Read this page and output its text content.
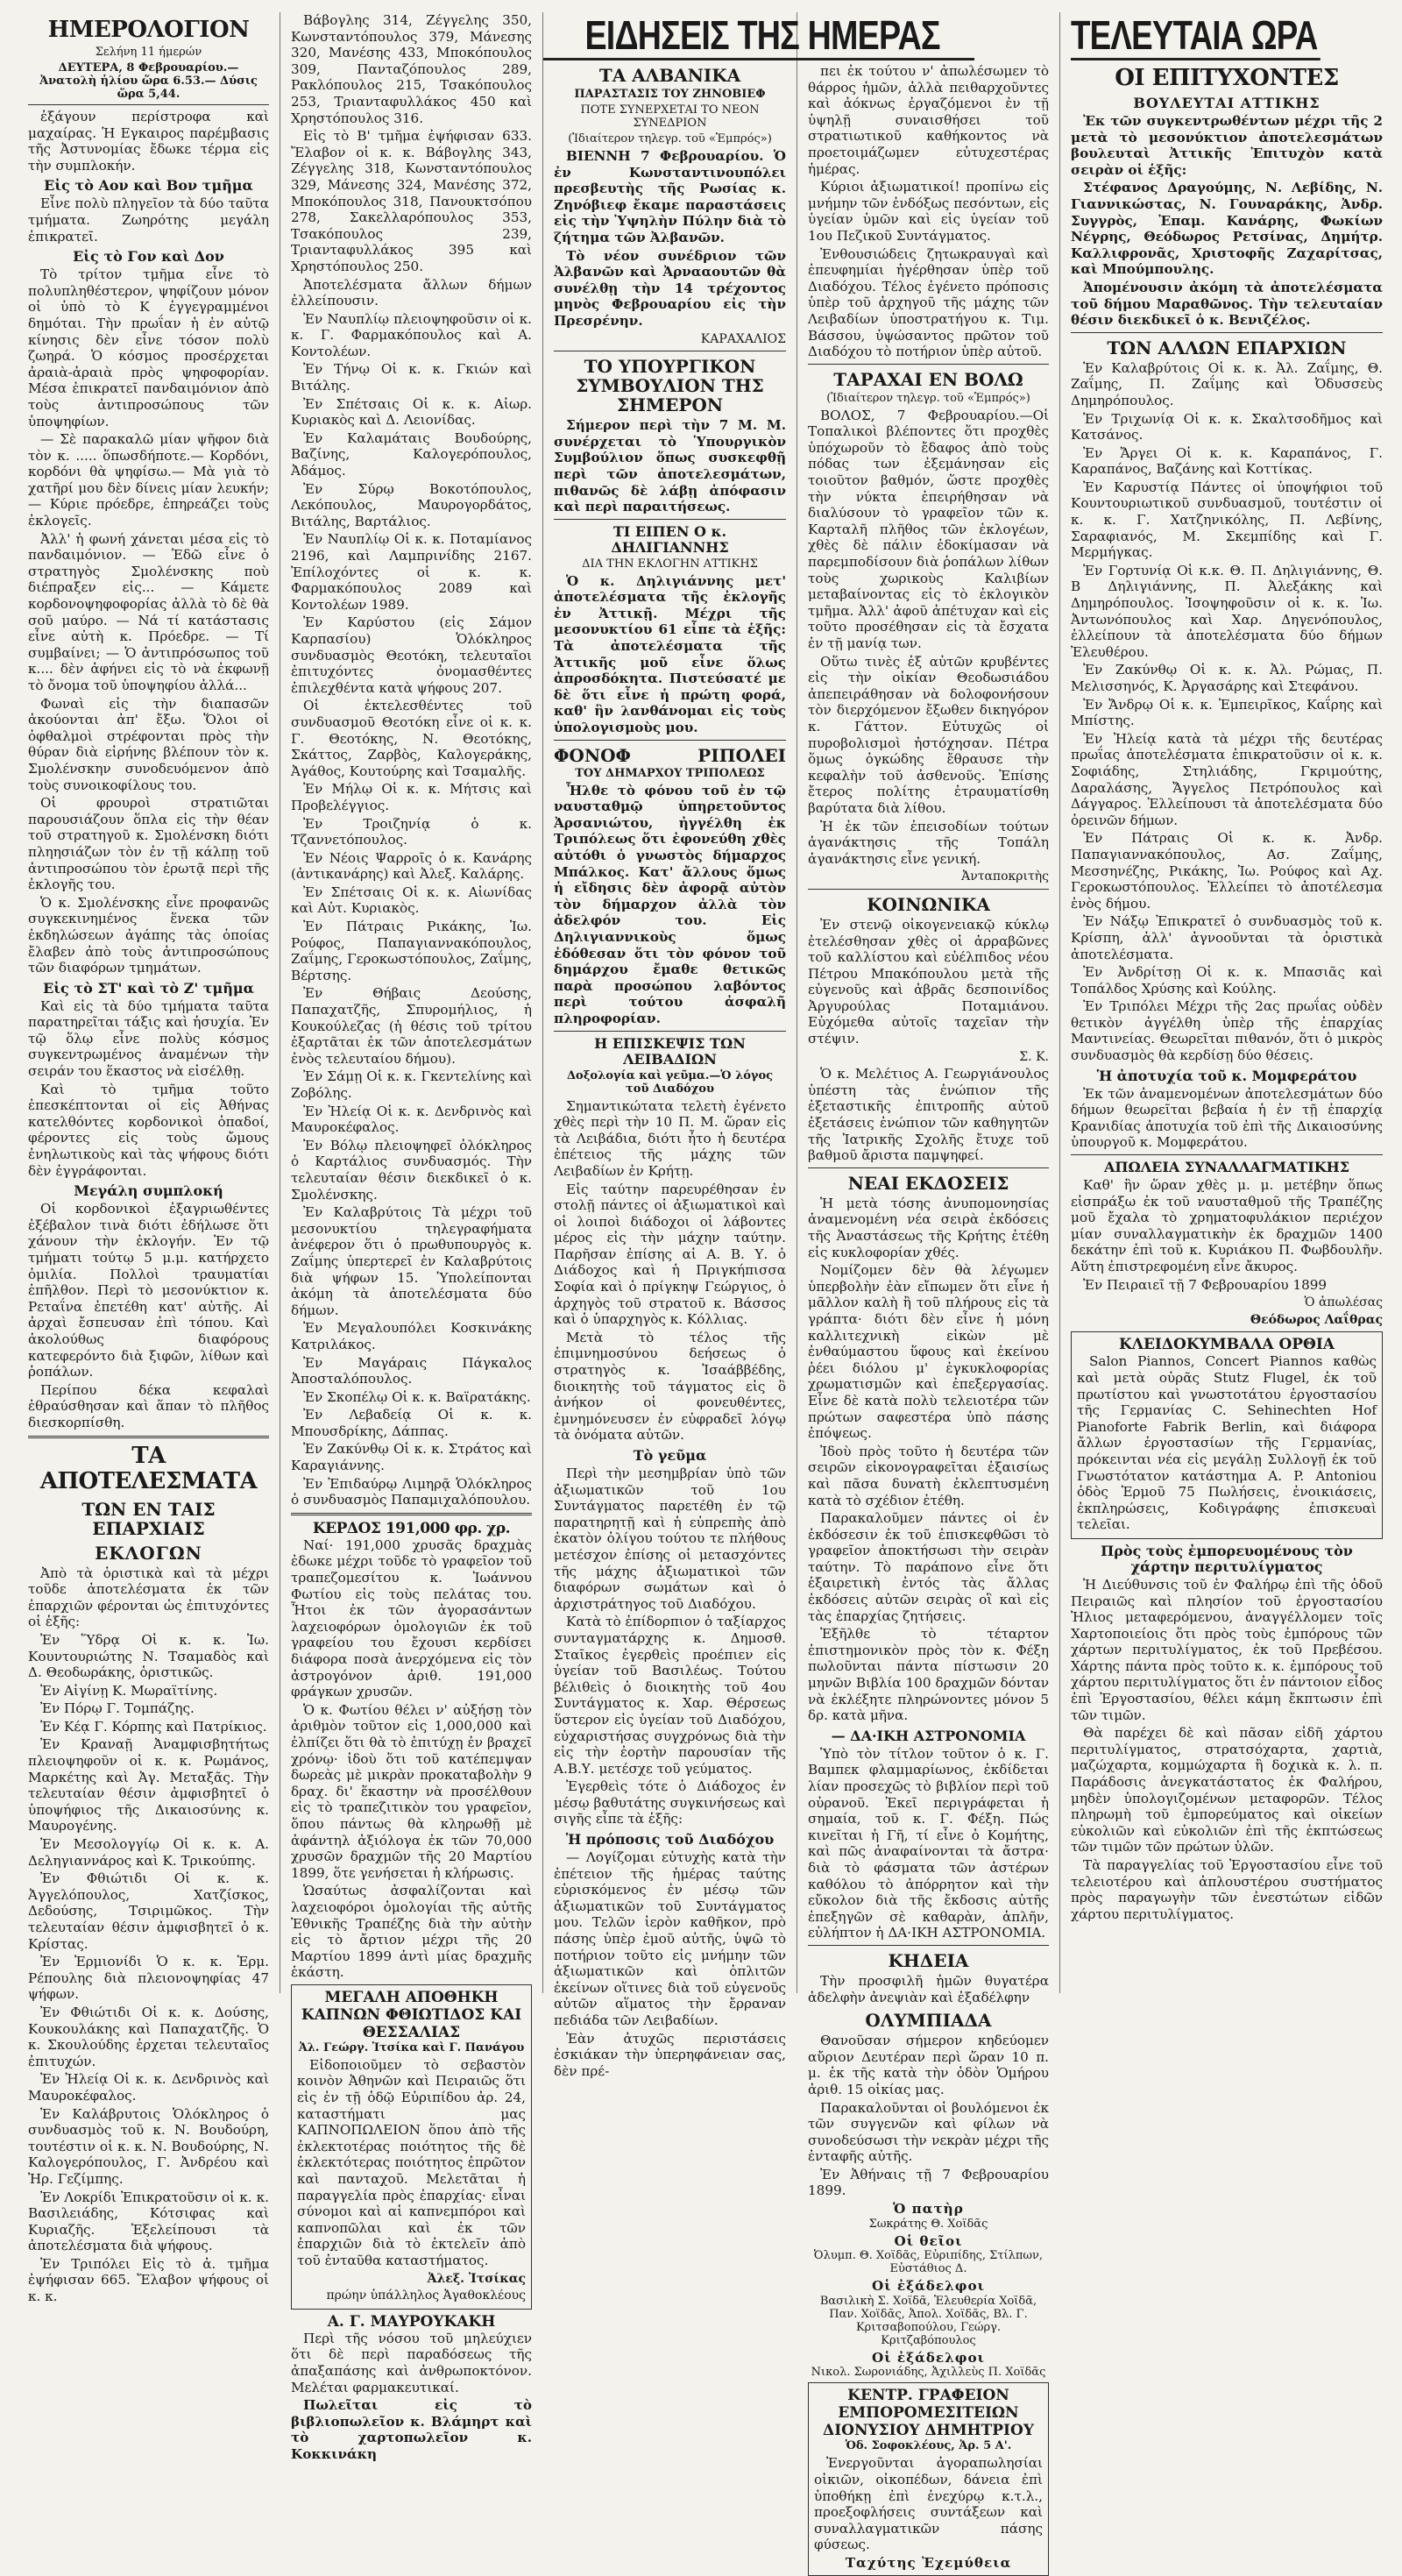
ΗΜΕΡΟΛΟΓΙΟΝ
Σελήνη 11 ήμερών
ΔΕΥΤΕΡΑ, 8 Φεβρουαρίου.— Ἀνατολὴ ἡλίου ὥρα 6.53.— Δύσις ὥρα 5,44.

ἐξάγουν περίστροφα καὶ μαχαίρας. Ἡ Εγκαιρος παρέμβασις τῆς Ἀστυνομίας ἔδωκε τέρμα εἰς τὴν συμπλοκήν.

Εἰς τὸ Αον καὶ Βον τμῆμα

Εἶνε πολὺ πληγεῖον τὰ δύο ταῦτα τμήματα. Ζωηρότης μεγάλη ἐπικρατεῖ.

Εἰς τὸ Γον καὶ Δον

Τὸ τρίτον τμῆμα εἶνε τὸ πολυπληθέστερον, ψηφίζουν μόνον οἱ ὑπὸ τὸ Κ ἐγγεγραμμένοι δημόται. Τὴν πρωΐαν ἡ ἐν αὐτῷ κίνησις δὲν εἶνε τόσον πολὺ ζωηρά. Ὁ κόσμος προσέρχεται ἀραιὰ-ἀραιὰ πρὸς ψηφοφορίαν. Μέσα ἐπικρατεῖ πανδαιμόνιον ἀπὸ τοὺς ἀντιπροσώπους τῶν ὑποψηφίων.

— Σὲ παρακαλῶ μίαν ψῆφον διὰ τὸν κ. ..... ὅπωσδήποτε.— Κορδόνι, κορδόνι θὰ ψηφίσω.— Μὰ γιὰ τὸ χατῆρί μου δὲν δίνεις μίαν λευκήν;— Κύριε πρόεδρε, ἐπηρεάζει τοὺς ἐκλογεῖς.

Ἀλλ' ἡ φωνή χάνεται μέσα εἰς τὸ πανδαιμόνιον. — Ἐδῶ εἶνε ὁ στρατηγὸς Σμολένσκης ποὺ διέπραξεν εἰς... — Κάμετε κορδονοψηφοφορίας ἀλλὰ τὸ δὲ θὰ σοῦ μαύρο. — Νά τί κατάστασις εἶνε αὐτὴ κ. Πρόεδρε. — Τί συμβαίνει; — Ὁ ἀντιπρόσωπος τοῦ κ.... δὲν ἀφήνει εἰς τὸ νὰ ἐκφωνῇ τὸ ὄνομα τοῦ ὑποψηφίου ἀλλά...

Φωναὶ εἰς τὴν διαπασῶν ἀκούονται ἀπ' ἔξω. Ὅλοι οἱ ὀφθαλμοὶ στρέφονται πρὸς τὴν θύραν διὰ εἰρήνης βλέπουν τὸν κ. Σμολένσκην συνοδευόμενον ἀπὸ τοὺς συνοικοφίλους του.

Οἱ φρουροὶ στρατιῶται παρουσιάζουν ὅπλα εἰς τὴν θέαν τοῦ στρατηγοῦ κ. Σμολένσκη διότι πληησιάζων τὸν ἐν τῇ κάλπῃ τοῦ ἀντιπροσώπου τὸν ἐρωτᾷ περὶ τῆς ἐκλογῆς του.

Ὁ κ. Σμολένσκης εἶνε προφανῶς συγκεκινημένος ἕνεκα τῶν ἐκδηλώσεων ἀγάπης τὰς ὁποίας ἔλαβεν ἀπὸ τοὺς ἀντιπροσώπους τῶν διαφόρων τμημάτων.

Εἰς τὸ ΣΤ' καὶ τὸ Ζ' τμῆμα

Καὶ εἰς τὰ δύο τμήματα ταῦτα παρατηρεῖται τάξις καὶ ἡσυχία. Ἐν τῷ ὅλῳ εἶνε πολὺς κόσμος συγκεντρωμένος ἀναμένων τὴν σειράν του ἕκαστος νὰ εἰσέλθῃ.

Καὶ τὸ τμῆμα τοῦτο ἐπεσκέπτονται οἱ εἰς Ἀθήνας κατελθόντες κορδονικοὶ ὁπαδοί, φέροντες εἰς τοὺς ὤμους ἐνηλωτικοὺς καὶ τὰς ψήφους διότι δὲν ἐγγράφονται.

Μεγάλη συμπλοκή

Οἱ κορδονικοὶ ἐξαγριωθέντες ἐξέβαλον τινὰ διότι ἐδήλωσε ὅτι χάνουν τὴν ἐκλογήν. Ἐν τῷ τμήματι τούτῳ 5 μ.μ. κατήρχετο ὁμιλία. Πολλοὶ τραυματίαι ἐπῆλθον. Περὶ τὸ μεσονύκτιον κ. Ρεταΐνα ἐπετέθη κατ' αὐτῆς. Αἱ ἀρχαὶ ἔσπευσαν ἐπὶ τόπου. Καὶ ἀκολούθως διαφόρους κατεφερόντο διὰ ξιφῶν, λίθων καὶ ῥοπάλων.

Περίπου δέκα κεφαλαὶ ἐθραύσθησαν καὶ ἅπαν τὸ πλῆθος διεσκορπίσθη.

ΤΑ ΑΠΟΤΕΛΕΣΜΑΤΑ
ΤΩΝ ΕΝ ΤΑΙΣ ΕΠΑΡΧΙΑΙΣ
ΕΚΛΟΓΩΝ

Ἀπὸ τὰ ὁριστικὰ καὶ τὰ μέχρι τοῦδε ἀποτελέσματα ἐκ τῶν ἐπαρχιῶν φέρονται ὡς ἐπιτυχόντες οἱ ἑξῆς:

Ἐν Ὕδρᾳ Οἱ κ. κ. Ἰω. Κουντουριώτης Ν. Τσαμαδὸς καὶ Δ. Θεοδωράκης, ὁριστικῶς.

Ἐν Αἰγίνῃ Κ. Μωραϊτίνης.

Ἐν Πόρῳ Γ. Τομπάζης.

Ἐν Κέᾳ Γ. Κόρπης καὶ Πατρίκιος.

Ἐν Κραναῇ Ἀναμφισβητήτως πλειοψηφοῦν οἱ κ. κ. Ρωμάνος, Μαρκέτης καὶ Ἀγ. Μεταξᾶς. Τὴν τελευταίαν θέσιν ἀμφισβητεῖ ὁ ὑποψήφιος τῆς Δικαιοσύνης κ. Μαυρογένης.

Ἐν Μεσολογγίῳ Οἱ κ. κ. Α. Δεληγιαννάρος καὶ Κ. Τρικούπης.

Ἐν Φθιώτιδι Οἱ κ. κ. Ἀγγελόπουλος, Χατζίσκος, Δεδούσης, Τσιριμῶκος. Τὴν τελευταίαν θέσιν ἀμφισβητεῖ ὁ κ. Κρίστας.

Ἐν Ἑρμιονίδι Ὁ κ. κ. Ἑρμ. Ρέπουλης διὰ πλειονοψηφίας 47 ψήφων.

Ἐν Φθιώτιδι Οἱ κ. κ. Δούσης, Κουκουλάκης καὶ Παπαχατζῆς. Ὁ κ. Σκουλούδης ἐρχεται τελευταῖος ἐπιτυχών.

Ἐν Ἠλείᾳ Οἱ κ. κ. Δενδρινὸς καὶ Μαυροκέφαλος.

Ἐν Καλάβρυτοις Ὁλόκληρος ὁ συνδυασμὸς τοῦ κ. Ν. Βουδούρη, τουτέστιν οἱ κ. κ. Ν. Βουδούρης, Ν. Καλογερόπουλος, Γ. Ἀνδρέου καὶ Ἠρ. Γεζίμπης.

Ἐν Λοκρίδι Ἐπικρατοῦσιν οἱ κ. κ. Βασιλειάδης, Κότσιφας καὶ Κυριαζῆς. Ἐξελείπουσι τὰ ἀποτελέσματα διὰ ψήφους.

Ἐν Τριπόλει Εἰς τὸ ἀ. τμῆμα ἐψήφισαν 665. Ἔλαβον ψήφους οἱ κ. κ.

Βάβογλης 314, Ζέγγελης 350, Κωνσταντόπουλος 379, Μάνεσης 320, Μανέσης 433, Μποκόπουλος 309, Πανταζόπουλος 289, Ρακλόπουλος 215, Τσακόπουλος 253, Τριανταφυλλάκος 450 καὶ Χρηστόπουλος 316.

Εἰς τὸ Β' τμῆμα ἐψήφισαν 633. Ἔλαβον οἱ κ. κ. Βάβογλης 343, Ζέγγελης 318, Κωνσταντόπουλος 329, Μάνεσης 324, Μανέσης 372, Μποκόπουλος 318, Πανουκτσόπου 278, Σακελλαρόπουλος 353, Τσακόπουλος 239, Τριανταφυλλάκος 395 καὶ Χρηστόπουλος 250.

Ἀποτελέσματα ἄλλων δήμων ἐλλείπουσιν.

Ἐν Ναυπλίῳ πλειοψηφοῦσιν οἱ κ. κ. Γ. Φαρμακόπουλος καὶ Α. Κοντολέων.

Ἐν Τήνῳ Οἱ κ. κ. Γκιών καὶ Βιτάλης.

Ἐν Σπέτσαις Οἱ κ. κ. Αἰωρ. Κυριακὸς καὶ Δ. Λειονίδας.

Ἐν Καλαμάταις Βουδούρης, Βαζίνης, Καλογερόπουλος, Ἀδάμος.

Ἐν Σύρῳ Βοκοτόπουλος, Λεκόπουλος, Μαυρογορδάτος, Βιτάλης, Βαρτάλιος.

Ἐν Ναυπλίῳ Οἱ κ. κ. Ποταμίανος 2196, καὶ Λαμπρινίδης 2167. Ἐπίλοχόντες οἱ κ. κ. Φαρμακόπουλος 2089 καὶ Κοντολέων 1989.

Ἐν Καρύστου (εἰς Σάμον Καρπασίου) Ὁλόκληρος συνδυασμὸς Θεοτόκη, τελευταῖοι ἐπιτυχόντες ὀνομασθέντες ἐπιλεχθέντα κατὰ ψήφους 207.

Οἱ ἐκτελεσθέντες τοῦ συνδυασμοῦ Θεοτόκη εἶνε οἱ κ. κ. Γ. Θεοτόκης, Ν. Θεοτόκης, Σκάττος, Ζαρβὸς, Καλογεράκης, Ἀγάθος, Κουτούρης καὶ Τσαμαλῆς.

Ἐν Μήλῳ Οἱ κ. κ. Μήτσις καὶ Προβελέγγιος.

Ἐν Τροιζηνίᾳ ὁ κ. Τζαννετόπουλος.

Ἐν Νέοις Ψαρροῖς ὁ κ. Κανάρης (ἀντικανάρης) καὶ Ἀλεξ. Καλάρης.

Ἐν Σπέτσαις Οἱ κ. κ. Αἰωνίδας καὶ Αὐτ. Κυριακὸς.

Ἐν Πάτραις Ρικάκης, Ἰω. Ρούφος, Παπαγιαννακόπουλος, Ζαΐμης, Γεροκωστόπουλος, Ζαΐμης, Βέρτσης.

Ἐν Θήβαις Δεούσης, Παπαχατζῆς, Σπυρομήλιος, ἡ Κουκούλεζας (ἡ θέσις τοῦ τρίτου ἐξαρτᾶται ἐκ τῶν ἀποτελεσμάτων ἐνὸς τελευταίου δήμου).

Ἐν Σάμῃ Οἱ κ. κ. Γκεντελίνης καὶ Ζοβόλης.

Ἐν Ἠλείᾳ Οἱ κ. κ. Δενδρινὸς καὶ Μαυροκέφαλος.

Ἐν Βόλῳ πλειοψηφεῖ ὁλόκληρος ὁ Καρτάλιος συνδυασμός. Τὴν τελευταίαν θέσιν διεκδικεῖ ὁ κ. Σμολένσκης.

Ἐν Καλαβρύτοις Τὰ μέχρι τοῦ μεσονυκτίου τηλεγραφήματα ἀνέφερον ὅτι ὁ πρωθυπουργὸς κ. Ζαΐμης ὑπερτερεῖ ἐν Καλαβρύτοις διὰ ψήφων 15. Ὑπολείπονται ἀκόμη τὰ ἀποτελέσματα δύο δήμων.

Ἐν Μεγαλουπόλει Κοσκινάκης Κατριλάκος.

Ἐν Μαγάραις Πάγκαλος Ἀποσταλόπουλος.

Ἐν Σκοπέλῳ Οἱ κ. κ. Βαϊρατάκης.

Ἐν Λεβαδείᾳ Οἱ κ. κ. Μπουσδρίκης, Δάππας.

Ἐν Ζακύνθῳ Οἱ κ. κ. Στράτος καὶ Καραγιάννης.

Ἐν Ἐπιδαύρῳ Λιμηρᾷ Ὁλόκληρος ὁ συνδυασμὸς Παπαμιχαλόπουλου.

ΚΕΡΔΟΣ 191,000 φρ. χρ.

Ναί· 191,000 χρυσᾶς δραχμὰς ἐδωκε μέχρι τοῦδε τὸ γραφεῖον τοῦ τραπεζομεσίτου κ. Ἰωάννου Φωτίου εἰς τοὺς πελάτας του. Ἦτοι ἐκ τῶν ἀγορασάντων λαχειοφόρων ὁμολογιῶν ἐκ τοῦ γραφείου του ἔχουσι κερδίσει διάφορα ποσὰ ἀνερχόμενα εἰς τὸν ἀστρογόνον ἀριθ. 191,000 φράγκων χρυσῶν.

Ὁ κ. Φωτίου θέλει ν' αὐξήσῃ τὸν ἀριθμὸν τοῦτον εἰς 1,000,000 καὶ ἐλπίζει ὅτι θὰ τὸ ἐπιτύχῃ ἐν βραχεῖ χρόνῳ· ἰδοὺ ὅτι τοῦ κατέπεμψαν δωρεὰς μὲ μικρὰν προκαταβολὴν 9 δραχ. δι' ἕκαστην νὰ προσέλθουν εἰς τὸ τραπεζιτικὸν του γραφεῖον, ὅπου πάντως θὰ κληρωθῇ μὲ ἀφάντηλ ἀξιόλογα ἐκ τῶν 70,000 χρυσῶν δραχμῶν τῆς 20 Μαρτίου 1899, ὅτε γενήσεται ἡ κλήρωσις.

Ὡσαύτως ἀσφαλίζονται καὶ λαχειοφόροι ὁμολογίαι τῆς αὐτῆς Ἐθνικῆς Τραπέζης διὰ τὴν αὐτὴν εἰς τὸ ἄρτιον μέχρι τῆς 20 Μαρτίου 1899 ἀντὶ μίας δραχμῆς ἑκάστη.

ΜΕΓΑΛΗ ΑΠΟΘΗΚΗ ΚΑΠΝΩΝ ΦΘΙΩΤΙΔΟΣ ΚΑΙ ΘΕΣΣΑΛΙΑΣ
Ἀλ. Γεώργ. Ἰτσίκα καὶ Γ. Πανάγου

Εἰδοποιοῦμεν τὸ σεβαστὸν κοινὸν Ἀθηνῶν καὶ Πειραιῶς ὅτι εἰς ἐν τῇ ὁδῷ Εὐριπίδου ἀρ. 24, καταστήματι μας ΚΑΠΝΟΠΩΛΕΙΟΝ ὅπου ἀπὸ τῆς ἐκλεκτοτέρας ποιότητος τῆς δὲ ἐκλεκτότερας ποιότητος ἐπρῶτον καὶ πανταχοῦ. Μελετᾶται ἡ παραγγελία πρὸς ἐπαρχίας· εἶναι σύνομοι καὶ αἱ καπνεμπόροι καὶ καπνοπῶλαι καὶ ἐκ τῶν ἐπαρχιῶν διὰ τὸ ἐκτελεῖν ἀπὸ τοῦ ἐνταῦθα καταστήματος.

Ἀλεξ. Ἰτσίκας
πρώην ὑπάλληλος Ἀγαθοκλέους
Α. Γ. ΜΑΥΡΟΥΚΑΚΗ

Περὶ τῆς νόσου τοῦ μηλεύχιεν ὅτι δὲ περὶ παραδόσεως τῆς ἀπαξαπάσης καὶ ἀνθρωποκτόνον. Μελέται φαρμακευτικαί.

Πωλεῖται εἰς τὸ βιβλιοπωλεῖον κ. Βλάμηρτ καὶ τὸ χαρτοπωλεῖον κ. Κοκκινάκη

ΕΙΔΗΣΕΙΣ ΤΗΣ ΗΜΕΡΑΣ
ΤΑ ΑΛΒΑΝΙΚΑ
ΠΑΡΑΣΤΑΣΙΣ ΤΟΥ ΖΗΝΟΒΙΕΦ
ΠΟΤΕ ΣΥΝΕΡΧΕΤΑΙ ΤΟ ΝΕΟΝ ΣΥΝΕΔΡΙΟΝ
(Ἰδιαίτερον τηλεγρ. τοῦ «Ἐμπρός»)

ΒΙΕΝΝΗ 7 Φεβρουαρίου. Ὁ ἐν Κωνσταντινουπόλει πρεσβευτὴς τῆς Ρωσίας κ. Ζηνόβιεφ ἔκαμε παραστάσεις εἰς τὴν Ὑψηλὴν Πύλην διὰ τὸ ζήτημα τῶν Ἀλβανῶν.

Τὸ νέον συνέδριον τῶν Ἀλβανῶν καὶ Ἀρνααουτῶν θὰ συνέλθῃ τὴν 14 τρέχοντος μηνὸς Φεβρουαρίου εἰς τὴν Πρεσρένην.

ΚΑΡΑΧΑΛΙΟΣ
ΤΟ ΥΠΟΥΡΓΙΚΟΝ ΣΥΜΒΟΥΛΙΟΝ ΤΗΣ ΣΗΜΕΡΟΝ

Σήμερον περὶ τὴν 7 Μ. Μ. συνέρχεται τὸ Ὑπουργικὸν Συμβούλιον ὅπως συσκεφθῇ περὶ τῶν ἀποτελεσμάτων, πιθανῶς δὲ λάβῃ ἀπόφασιν καὶ περὶ παραιτήσεως.

ΤΙ ΕΙΠΕΝ Ο κ. ΔΗΛΙΓΙΑΝΝΗΣ
ΔΙΑ ΤΗΝ ΕΚΛΟΓΗΝ ΑΤΤΙΚΗΣ

Ὁ κ. Δηλιγιάννης μετ' ἀποτελέσματα τῆς ἐκλογῆς ἐν Ἀττικῇ. Μέχρι τῆς μεσονυκτίου 61 εἶπε τὰ ἑξῆς: Τὰ ἀποτελέσματα τῆς Ἀττικῆς μοῦ εἶνε ὅλως ἀπροσδόκητα. Πιστεύσατέ με δὲ ὅτι εἶνε ἡ πρώτη φορά, καθ' ἣν λανθάνομαι εἰς τοὺς ὑπολογισμοὺς μου.

ΦΟΝΟΦ	ΡΙΠΟΛΕΙ
ΤΟΥ ΔΗΜΑΡΧΟΥ ΤΡΙΠΟΛΕΩΣ

Ἦλθε τὸ φόνου τοῦ ἐν τῷ ναυσταθμῷ ὑπηρετοῦντος Ἀρσανιώτου, ἠγγέλθη ἐκ Τριπόλεως ὅτι ἐφονεύθη χθὲς αὐτόθι ὁ γνωστὸς δήμαρχος Μπάλκος. Κατ' ἄλλους ὅμως ἡ εἴδησις δὲν ἀφορᾷ αὐτὸν τὸν δήμαρχον ἀλλὰ τὸν ἀδελφόν του. Εἰς Δηλιγιαννικοὺς ὅμως ἐδόθεσαν ὅτι τὸν φόνον τοῦ δημάρχου ἔμαθε θετικῶς παρὰ προσώπου λαβόντος περὶ τούτου ἀσφαλῆ πληροφορίαν.

Η ΕΠΙΣΚΕΨΙΣ ΤΩΝ ΛΕΙΒΑΔΙΩΝ
Δοξολογία καὶ γεῦμα.—Ὁ λόγος τοῦ Διαδόχου

Σημαντικώτατα τελετὴ ἐγένετο χθὲς περὶ τὴν 10 Π. Μ. ὥραν εἰς τὰ Λειβάδια, διότι ἦτο ἡ δευτέρα ἐπέτειος τῆς μάχης τῶν Λειβαδίων ἐν Κρήτῃ.

Εἰς ταύτην παρευρέθησαν ἐν στολῇ πάντες οἱ ἀξιωματικοὶ καὶ οἱ λοιποὶ διάδοχοι οἱ λάβοντες μέρος εἰς τὴν μάχην ταύτην. Παρῆσαν ἐπίσης αἱ Α. Β. Υ. ὁ Διάδοχος καὶ ἡ Πριγκήπισσα Σοφία καὶ ὁ πρίγκηψ Γεώργιος, ὁ ἀρχηγὸς τοῦ στρατοῦ κ. Βάσσος καὶ ὁ ὑπαρχηγὸς κ. Κόλλιας.

Μετὰ τὸ τέλος τῆς ἐπιμνημοσύνου δεήσεως ὁ στρατηγὸς κ. Ἰσαάββέδης, διοικητὴς τοῦ τάγματος εἰς ὃ ἀνήκον οἱ φονευθέντες, ἐμνημόνευσεν ἐν εὐφραδεῖ λόγῳ τὰ ὀνόματα αὐτῶν.

Τὸ γεῦμα

Περὶ τὴν μεσημβρίαν ὑπὸ τῶν ἀξιωματικῶν τοῦ 1ου Συντάγματος παρετέθη ἐν τῷ παρατηρητῇ καὶ ἡ εὐπρεπὴς ἀπὸ ἐκατὸν ὀλίγου τούτου τε πλήθους μετέσχον ἐπίσης οἱ μετασχόντες τῆς μάχης ἀξιωματικοὶ τῶν διαφόρων σωμάτων καὶ ὁ ἀρχιστράτηγος τοῦ Διαδόχου.

Κατὰ τὸ ἐπίδορπιον ὁ ταξίαρχος συνταγματάρχης κ. Δημοσθ. Σταῖκος ἐγερθεὶς προέπιεν εἰς ὑγείαν τοῦ Βασιλέως. Τούτου βέλιθεὶς ὁ διοικητὴς τοῦ 4ου Συντάγματος κ. Χαρ. Θέρσεως ὕστερον εἰς ὑγείαν τοῦ Διαδόχου, εὐχαριστήσας συγχρόνως διὰ τὴν εἰς τὴν ἐορτὴν παρουσίαν τῆς Α.Β.Υ. μετέσχε τοῦ γεύματος.

Ἐγερθεὶς τότε ὁ Διάδοχος ἐν μέσῳ βαθυτάτης συγκινήσεως καὶ σιγῆς εἶπε τὰ ἑξῆς:

Ἡ πρόποσις τοῦ Διαδόχου

— Λογίζομαι εὐτυχὴς κατὰ τὴν ἐπέτειον τῆς ἡμέρας ταύτης εὑρισκόμενος ἐν μέσῳ τῶν ἀξιωματικῶν τοῦ Συντάγματος μου. Τελῶν ἱερὸν καθῆκον, πρὸ πάσης ὑπὲρ ἐμοῦ αὐτῆς, ὑψῶ τὸ ποτήριον τοῦτο εἰς μνήμην τῶν ἀξιωματικῶν καὶ ὁπλιτῶν ἐκείνων οἵτινες διὰ τοῦ εὐγενοῦς αὐτῶν αἵματος τὴν ἔρραναν πεδιάδα τῶν Λειβαδίων.

Ἐὰν ἀτυχῶς περιστάσεις ἐσκιάκαν τὴν ὑπερηφάνειαν σας, δὲν πρέ-

πει ἐκ τούτου ν' ἀπωλέσωμεν τὸ θάρρος ἡμῶν, ἀλλὰ πειθαρχοῦντες καὶ ἀόκνως ἐργαζόμενοι ἐν τῇ ὑψηλῇ συναισθήσει τοῦ στρατιωτικοῦ καθήκοντος νὰ προετοιμάζωμεν εὐτυχεστέρας ἡμέρας.

Κύριοι ἀξιωματικοί! προπίνω εἰς μνήμην τῶν ἐνδόξως πεσόντων, εἰς ὑγείαν ὑμῶν καὶ εἰς ὑγείαν τοῦ 1ου Πεζικοῦ Συντάγματος.

Ἐνθουσιώδεις ζητωκραυγαὶ καὶ ἐπευφημίαι ἠγέρθησαν ὑπὲρ τοῦ Διαδόχου. Τέλος ἐγένετο πρόποσις ὑπὲρ τοῦ ἀρχηγοῦ τῆς μάχης τῶν Λειβαδίων ὑποστρατήγου κ. Τιμ. Βάσσου, ὑψώσαντος πρῶτον τοῦ Διαδόχου τὸ ποτήριον ὑπὲρ αὐτοῦ.

ΤΑΡΑΧΑΙ ΕΝ ΒΟΛΩ
(Ἰδιαίτερον τηλεγρ. τοῦ «Ἐμπρός»)

ΒΟΛΟΣ, 7 Φεβρουαρίου.—Οἱ Τοπαλικοὶ βλέποντες ὅτι προχθὲς ὑπόχωροῦν τὸ ἔδαφος ἀπὸ τοὺς πόδας των ἐξεμάνησαν εἰς τοιοῦτον βαθμόν, ὥστε προχθὲς τὴν νύκτα ἐπειρήθησαν νὰ διαλύσουν τὸ γραφεῖον τῶν κ. Καρταλῆ πλῆθος τῶν ἐκλογέων, χθὲς δὲ πάλιν ἐδοκίμασαν νὰ παρεμποδίσουν διὰ ῥοπάλων λίθων τοὺς χωρικοὺς Καλιβίων μεταβαίνοντας εἰς τὸ ἐκλογικὸν τμῆμα. Ἀλλ' ἀφοῦ ἀπέτυχαν καὶ εἰς τοῦτο προσέθησαν εἰς τὰ ἔσχατα ἐν τῇ μανίᾳ των.

Οὕτω τινὲς ἐξ αὐτῶν κρυβέντες εἰς τὴν οἰκίαν Θεοδωσιάδου ἀπεπειράθησαν νὰ δολοφονήσουν τὸν διερχόμενον ἔξωθεν δικηγόρον κ. Γάττον. Εὐτυχῶς οἱ πυροβολισμοὶ ἠστόχησαν. Πέτρα ὅμως ὀγκώδης ἔθραυσε τὴν κεφαλὴν τοῦ ἀσθενοῦς. Ἐπίσης ἔτερος πολίτης ἐτραυματίσθη βαρύτατα διὰ λίθου.

Ἡ ἐκ τῶν ἐπεισοδίων τούτων ἀγανάκτησις τῆς Τοπάλη ἀγανάκτησις εἶνε γενική.

Ἀνταποκριτὴς
ΚΟΙΝΩΝΙΚΑ

Ἐν στενῷ οἰκογενειακῷ κύκλῳ ἐτελέσθησαν χθὲς οἱ ἀρραβῶνες τοῦ καλλίστου καὶ εὐέλπιδος νέου Πέτρου Μπακόπουλου μετὰ τῆς εὐγενοῦς καὶ ἀβρᾶς δεσποινίδος Ἀργυρούλας Ποταμιάνου. Εὐχόμεθα αὐτοῖς ταχεῖαν τὴν στέψιν.

Σ. Κ.

Ὁ κ. Μελέτιος Α. Γεωργιάνουλος ὑπέστη τὰς ἐνώπιον τῆς ἐξεταστικῆς ἐπιτροπῆς αὐτοῦ ἐξετάσεις ἐνώπιον τῶν καθηγητῶν τῆς Ἰατρικῆς Σχολῆς ἔτυχε τοῦ βαθμοῦ ἄριστα παμψηφεί.

ΝΕΑΙ ΕΚΔΟΣΕΙΣ

Ἡ μετὰ τόσης ἀνυπομονησίας ἀναμενομένη νέα σειρὰ ἐκδόσεις τῆς Ἀναστάσεως τῆς Κρήτης ἐτέθη εἰς κυκλοφορίαν χθές.

Νομίζομεν δὲν θὰ λέγωμεν ὑπερβολὴν ἐὰν εἴπωμεν ὅτι εἶνε ἡ μᾶλλον καλὴ ἢ τοῦ πλήρους εἰς τὰ γράπτα· διότι δὲν εἶνε ἡ μόνη καλλιτεχνικὴ εἰκὼν μὲ ἐνθαύμαστου ὕφους καὶ ἐκείνου ῥέει διόλου μ' ἐγκυκλοφορίας χρωματισμῶν καὶ ἐπεξεργασίας. Εἶνε δὲ κατὰ πολὺ τελειοτέρα τῶν πρώτων σαφεστέρα ὑπὸ πάσης ἐπόψεως.

Ἰδοὺ πρὸς τοῦτο ἡ δευτέρα τῶν σειρῶν εἰκονογραφεῖται ἐξαισίως καὶ πᾶσα δυνατὴ ἐκλεπτυσμένη κατὰ τὸ σχέδιον ἐτέθη.

Παρακαλοῦμεν πάντες οἱ ἐν ἐκδόσεσιν ἐκ τοῦ ἐπισκεφθῶσι τὸ γραφεῖον ἀποκτήσωσι τὴν σειρὰν ταύτην. Τὸ παράπονο εἶνε ὅτι ἑξαιρετικὴ ἐντός τὰς ἄλλας ἐκδόσεις αὐτῶν σειρὰς οἳ καὶ εἰς τὰς ἐπαρχίας ζητήσεις.

Ἐξῆλθε τὸ τέταρτον ἐπιστημονικὸν πρὸς τὸν κ. Φέξη πωλοῦνται πάντα πίστωσιν 20 μηνῶν Βιβλία 100 δραχμῶν δόνταν νὰ ἐκλέξητε πληρώνοντες μόνον 5 δρ. κατὰ μῆνα.

— ΔΑ·ΙΚΗ ΑΣΤΡΟΝΟΜΙΑ

Ὑπὸ τὸν τίτλον τοῦτον ὁ κ. Γ. Βαμπεκ φλαμμαρίωνος, ἐκδίδεται λίαν προσεχῶς τὸ βιβλίον περὶ τοῦ οὐρανοῦ. Ἐκεῖ περιγράφεται ἡ σημαία, τοῦ κ. Γ. Φέξη. Πώς κινεῖται ἡ Γῆ, τί εἶνε ὁ Κομήτης, καὶ πῶς ἀναφαίνονται τὰ ἄστρα· διὰ τὸ φάσματα τῶν ἀστέρων καθόλου τὸ ἀπόρρητον καὶ τὴν εὔκολον διὰ τῆς ἔκδοσις αὐτῆς ἐπεξηγῶν σὲ καθαρὰν, ἁπλῆν, εὐλήπτον ἡ ΔΑ·ΙΚΗ ΑΣΤΡΟΝΟΜΙΑ.

ΚΗΔΕΙΑ

Τὴν προσφιλῆ ἡμῶν θυγατέρα ἀδελφὴν ἀνεψιὰν καὶ ἐξαδέλφην

ΟΛΥΜΠΙΑΔΑ

Θανοῦσαν σήμερον κηδεύομεν αὔριον Δευτέραν περὶ ὥραν 10 π. μ. ἐκ τῆς κατὰ τὴν ὁδὸν Ὁμήρου ἀριθ. 15 οἰκίας μας.

Παρακαλοῦνται οἱ βουλόμενοι ἐκ τῶν συγγενῶν καὶ φίλων νὰ συνοδεύσωσι τὴν νεκρὰν μέχρι τῆς ἐνταφῆς αὐτῆς.

Ἐν Ἀθήναις τῇ 7 Φεβρουαρίου 1899.

Ὁ πατὴρ
Σωκράτης Θ. Χοϊδᾶς
Οἱ θεῖοι
Ὀλυμπ. Θ. Χοϊδᾶς, Εὐριπίδης, Στίλπων, Εὐστάθιος Δ.
Οἱ ἐξάδελφοι
Βασιλικὴ Σ. Χοϊδᾶ, Ἐλευθερία Χοϊδᾶ, Παν. Χοϊδᾶς, Ἀπολ. Χοϊδᾶς, Βλ. Γ. Κριτσαβοπούλου, Γεώργ. Κριτζαβόπουλος
Οἱ ἐξάδελφοι
Νικολ. Σωρονιάδης, Ἀχιλλεὺς Π. Χοϊδᾶς
ΚΕΝΤΡ. ΓΡΑΦΕΙΟΝ ΕΜΠΟΡΟΜΕΣΙΤΕΙΩΝ ΔΙΟΝΥΣΙΟΥ ΔΗΜΗΤΡΙΟΥ
Ὁδ. Σοφοκλέους, Ἀρ. 5 Α'.

Ἐνεργοῦνται ἀγοραπωλησίαι οἰκιῶν, οἰκοπέδων, δάνεια ἐπὶ ὑποθήκῃ ἐπὶ ἐνεχύρῳ κ.τ.λ., προεξοφλήσεις συντάξεων καὶ συναλλαγματικῶν πάσης φύσεως.

Ταχύτης Ἐχεμύθεια
ΤΕΛΕΥΤΑΙΑ ΩΡΑ
ΟΙ ΕΠΙΤΥΧΟΝΤΕΣ
ΒΟΥΛΕΥΤΑΙ ΑΤΤΙΚΗΣ

Ἐκ τῶν συγκεντρωθέντων μέχρι τῆς 2 μετὰ τὸ μεσονύκτιον ἀποτελεσμάτων βουλευταὶ Ἀττικῆς Ἐπιτυχὸν κατὰ σειρὰν οἱ ἑξῆς:

Στέφανος Δραγούμης, Ν. Λεβίδης, Ν. Γιαννικώστας, Ν. Γουναράκης, Ἀνδρ. Συγγρὸς, Ἐπαμ. Κανάρης, Φωκίων Νέγρης, Θεόδωρος Ρετσίνας, Δημήτρ. Καλλιφρονᾶς, Χριστοφῆς Ζαχαρίτσας, καὶ Μπούμπουλης.

Ἀπομένουσιν ἀκόμη τὰ ἀποτελέσματα τοῦ δήμου Μαραθῶνος. Τὴν τελευταίαν θέσιν διεκδικεῖ ὁ κ. Βενιζέλος.

ΤΩΝ ΑΛΛΩΝ ΕΠΑΡΧΙΩΝ

Ἐν Καλαβρύτοις Οἱ κ. κ. Ἀλ. Ζαΐμης, Θ. Ζαΐμης, Π. Ζαΐμης καὶ Ὀδυσσεὺς Δημηρόπουλος.

Ἐν Τριχωνίᾳ Οἱ κ. κ. Σκαλτσοδῆμος καὶ Κατσάνος.

Ἐν Ἄργει Οἱ κ. κ. Καραπάνος, Γ. Καραπάνος, Βαζάνης καὶ Κοττίκας.

Ἐν Καρυστίᾳ Πάντες οἱ ὑποψήφιοι τοῦ Κουντουριωτικοῦ συνδυασμοῦ, τουτέστιν οἱ κ. κ. Γ. Χατζηνικόλης, Π. Λεβίνης, Σαραφιανός, Μ. Σκεμπίδης καὶ Γ. Μερμήγκας.

Ἐν Γορτυνίᾳ Οἱ κ.κ. Θ. Π. Δηλιγιάννης, Θ. Β Δηλιγιάννης, Π. Ἀλεξάκης καὶ Δημηρόπουλος. Ἰσοψηφοῦσιν οἱ κ. κ. Ἰω. Ἀντωνόπουλος καὶ Χαρ. Δηγενόπουλος, ἐλλείπουν τὰ ἀποτελέσματα δύο δήμων Ἐλευθέρου.

Ἐν Ζακύνθῳ Οἱ κ. κ. Ἀλ. Ρώμας, Π. Μελισσηνός, Κ. Ἀργασάρης καὶ Στεφάνου.

Ἐν Ἄνδρῳ Οἱ κ. κ. Ἐμπειρῖκος, Καΐρης καὶ Μπίστης.

Ἐν Ἠλείᾳ κατὰ τὰ μέχρι τῆς δευτέρας πρωΐας ἀποτελέσματα ἐπικρατοῦσιν οἱ κ. κ. Σοφιάδης, Στηλιάδης, Γκριμούτης, Δαραλάσης, Ἄγγελος Πετρόπουλος καὶ Δάγγαρος. Ἐλλείπουσι τὰ ἀποτελέσματα δύο ὁρεινῶν δήμων.

Ἐν Πάτραις Οἱ κ. κ. Ἀνδρ. Παπαγιαννακόπουλος, Ασ. Ζαΐμης, Μεσσηνέζης, Ρικάκης, Ἰω. Ρούφος καὶ Αχ. Γεροκωστόπουλος. Ἐλλείπει τὸ ἀποτέλεσμα ἑνὸς δήμου.

Ἐν Νάξῳ Ἐπικρατεῖ ὁ συνδυασμὸς τοῦ κ. Κρίσπη, ἀλλ' ἀγνοοῦνται τὰ ὁριστικὰ ἀποτελέσματα.

Ἐν Ἀνδρίτσῃ Οἱ κ. κ. Μπασιᾶς καὶ Τοπάλδος Χρύσης καὶ Κούλης.

Ἐν Τριπόλει Μέχρι τῆς 2ας πρωΐας οὐδὲν θετικὸν ἀγγέλθη ὑπὲρ τῆς ἐπαρχίας Μαντινείας. Θεωρεῖται πιθανόν, ὅτι ὁ μικρὸς συνδυασμὸς θὰ κερδίσῃ δύο θέσεις.

Ἡ ἀποτυχία τοῦ κ. Μομφεράτου

Ἐκ τῶν ἀναμενομένων ἀποτελεσμάτων δύο δήμων θεωρεῖται βεβαία ἡ ἐν τῇ ἐπαρχίᾳ Κρανιδίας ἀποτυχία τοῦ ἐπὶ τῆς Δικαιοσύνης ὑπουργοῦ κ. Μομφεράτου.

ΑΠΩΛΕΙΑ ΣΥΝΑΛΛΑΓΜΑΤΙΚΗΣ

Καθ' ἣν ὥραν χθὲς μ. μ. μετέβην ὅπως εἰσπράξω ἐκ τοῦ ναυσταθμοῦ τῆς Τραπέζης μοῦ ἔχαλα τὸ χρηματοφυλάκιον περιέχον μίαν συναλλαγματικὴν ἐκ δραχμῶν 1400 δεκάτην ἐπὶ τοῦ κ. Κυριάκου Π. Φωβδουλῆν. Αὕτη ἐπιστρεφομένη εἶνε ἄκυρος.

Ἐν Πειραιεῖ τῇ 7 Φεβρουαρίου 1899

Ὁ ἀπωλέσας
Θεόδωρος Λαΐθρας
ΚΛΕΙΔΟΚΥΜΒΑΛΑ ΟΡΘΙΑ

Salon Piannos, Concert Piannos καθὼς καὶ μετὰ οὐρᾶς Stutz Flugel, ἐκ τοῦ πρωτίστου καὶ γνωστοτάτου ἐργοστασίου τῆς Γερμανίας C. Sehinechten Hof Pianoforte Fabrik Berlin, καὶ διάφορα ἄλλων ἐργοστασίων τῆς Γερμανίας, πρόκεινται νέα εἰς μεγάλῃ Συλλογῇ ἐκ τοῦ Γνωστότατον κατάστημα A. P. Antoniou ὁδὸς Ἑρμοῦ 75 Πωλήσεις, ἐνοικιάσεις, ἐκπληρώσεις, Κοδιγράφης ἐπισκευαὶ τελεῖαι.

Πρὸς τοὺς ἐμπορευομένους τὸν χάρτην περιτυλίγματος

Ἡ Διεύθυνσις τοῦ ἐν Φαλήρῳ ἐπὶ τῆς ὁδοῦ Πειραιῶς καὶ πλησίον τοῦ ἐργοστασίου Ἠλιος μεταφερόμενου, ἀναγγέλλομεν τοῖς Χαρτοποιείοις ὅτι πρὸς τοὺς ἐμπόρους τῶν χάρτων περιτυλίγματος, ἐκ τοῦ Πρεβέσου. Χάρτης πάντα πρὸς τοῦτο κ. κ. ἐμπόρους τοῦ χάρτου περιτυλίγματος ὅτι ἐν πάντοιον εἶδος ἐπὶ Ἐργοστασίου, θέλει κάμη ἔκπτωσιν ἐπὶ τῶν τιμῶν.

Θὰ παρέχει δὲ καὶ πᾶσαν εἰδῆ χάρτου περιτυλίγματος, στρατσόχαρτα, χαρτιὰ, μαζώχαρτα, κομμώχαρτα ἢ δοχικὰ κ. λ. π. Παράδοσις ἀνεγκατάστατος ἐκ Φαλήρου, μηδὲν ὑπολογιζομένων μεταφορῶν. Τέλος πληρωμὴ τοῦ ἐμπορεύματος καὶ οἰκείων εὐκολιῶν καὶ εὐκολιῶν ἐπὶ τῆς ἐκπτώσεως τῶν τιμῶν τῶν πρώτων ὑλῶν.

Τὰ παραγγελίας τοῦ Ἐργοστασίου εἶνε τοῦ τελειοτέρου καὶ ἀπλουστέρου συστήματος πρὸς παραγωγὴν τῶν ἐνεστώτων εἰδῶν χάρτου περιτυλίγματος.
